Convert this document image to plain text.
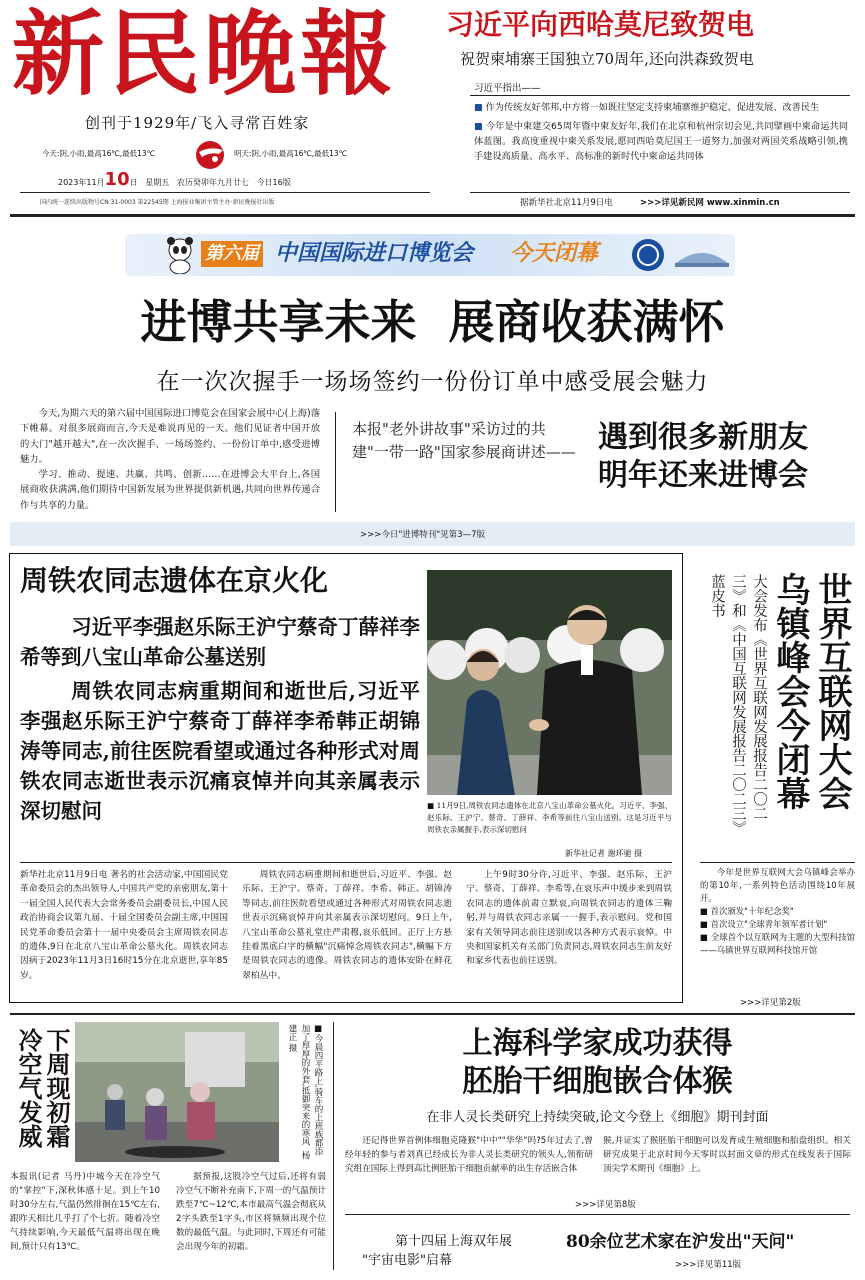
新民晚報
创刊于1929年/飞入寻常百姓家
今天:阴,小雨,最高16℃,最低13℃	明天:阴,小雨,最高16℃,最低13℃
2023年11月10日 星期五 农历癸卯年九月廿七 今日16版
国内统一连续出版物号CN 31-0003 第22545期 上海报业集团主管主办·新民晚报社出版
习近平向西哈莫尼致贺电
祝贺柬埔寨王国独立70周年,还向洪森致贺电
习近平指出——

■ 作为传统友好邻邦,中方将一如既往坚定支持柬埔寨维护稳定、促进发展、改善民生

■ 今年是中柬建交65周年暨中柬友好年,我们在北京和杭州宗切会见,共同擘画中柬命运共同体蓝图。我高度重视中柬关系发展,愿同西哈莫尼国王一道努力,加强对两国关系战略引领,携手建设高质量、高水平、高标准的新时代中柬命运共同体

据新华社北京11月9日电	>>>详见新民网 www.xinmin.cn
第六届 中国国际进口博览会 今天闭幕
进博共享未来  展商收获满怀
在一次次握手一场场签约一份份订单中感受展会魅力

今天,为期六天的第六届中国国际进口博览会在国家会展中心(上海)落下帷幕。对很多展商而言,今天是难说再见的一天。他们见证者中国开放的大门"越开越大",在一次次握手、一场场签约、一份份订单中,感受进博魅力。

学习、推动、提速、共赢、共鸣、创新……在进博会大平台上,各国展商收获满满,他们期待中国新发展为世界提供新机遇,共同向世界传递合作与共享的力量。

本报"老外讲故事"采访过的共建"一带一路"国家参展商讲述—— 遇到很多新朋友
明年还来进博会
>>>今日"进博特刊"见第3—7版
周铁农同志遗体在京火化
习近平李强赵乐际王沪宁蔡奇丁薛祥李希等到八宝山革命公墓送别
周铁农同志病重期间和逝世后,习近平李强赵乐际王沪宁蔡奇丁薛祥李希韩正胡锦涛等同志,前往医院看望或通过各种形式对周铁农同志逝世表示沉痛哀悼并向其亲属表示深切慰问	■ 11月9日,周铁农同志遗体在北京八宝山革命公墓火化。习近平、李强、赵乐际、王沪宁、蔡奇、丁薛祥、李希等前往八宝山送别。这是习近平与周铁农亲属握手,表示深切慰问
新华社记者 谢环驰 摄
新华社北京11月9日电 著名的社会活动家,中国国民党革命委员会的杰出领导人,中国共产党的亲密朋友,第十一届全国人民代表大会常务委员会副委员长,中国人民政治协商会议第九届、十届全国委员会副主席,中国国民党革命委员会第十一届中央委员会主席周铁农同志的遗体,9日在北京八宝山革命公墓火化。周铁农同志因病于2023年11月3日16时15分在北京逝世,享年85岁。
周铁农同志病重期间和逝世后,习近平、李强、赵乐际、王沪宁、蔡奇、丁薛祥、李希、韩正、胡锦涛等同志,前往医院看望或通过各种形式对周铁农同志逝世表示沉痛哀悼并向其亲属表示深切慰问。9日上午,八宝山革命公墓礼堂庄严肃穆,哀乐低回。正厅上方悬挂着黑底白字的横幅"沉痛悼念周铁农同志",横幅下方是周铁农同志的遗像。周铁农同志的遗体安卧在鲜花翠柏丛中。
上午9时30分许,习近平、李强、赵乐际、王沪宁、蔡奇、丁薛祥、李希等,在哀乐声中缓步来到周铁农同志的遗体前肃立默哀,向周铁农同志的遗体三鞠躬,并与周铁农同志亲属一一握手,表示慰问。党和国家有关领导同志前往送别或以各种方式表示哀悼。中央和国家机关有关部门负责同志,周铁农同志生前友好和家乡代表也前往送别。
世界互联网大会
乌镇峰会今闭幕
大会发布《世界互联网发展报告二〇二三》和《中国互联网发展报告二〇二三》蓝皮书

今年是世界互联网大会乌镇峰会举办的第10年,一系列特色活动围绕10年展开。

■ 首次颁发"十年纪念奖"

■ 首次设立"全球青年领军者计划"

■ 全球首个以互联网为主题的大型科技馆——乌镇世界互联网科技馆开馆

>>>详见第2版
冷空气发威 下周现初霜	■今晨四平路上,骑车的上班族都添加了厚厚的外套,抵御突来的寒风  杨建正 摄
本报讯(记者 马丹)中城今天在冷空气的"掌控"下,深秋体感十足。到上午10时30分左右,气温仍然徘徊在15℃左右,跟昨天相比几乎打了个七折。随着冷空气持续影响,今天最低气温将出现在晚间,预计只有13℃。
据预报,这股冷空气过后,还将有弱冷空气不断补充南下,下周一的气温预计跌至7℃~12℃,本市最高气温会彻底从2字头跌至1字头,市区将频频出现个位数的最低气温。与此同时,下周还有可能会出现今年的初霜。
上海科学家成功获得
胚胎干细胞嵌合体猴
在非人灵长类研究上持续突破,论文今登上《细胞》期刊封面
还记得世界首例体细胞克隆猴"中中""华华"吗?5年过去了,曾经年轻的参与者刘真已经成长为非人灵长类研究的领头人,领衔研究组在国际上得到高比例胚胎干细胞贡献率的出生存活嵌合体
猴,并证实了猴胚胎干细胞可以发育成生殖细胞和胎盘组织。相关研究成果于北京时间今天零时以封面文章的形式在线发表于国际顶尖学术期刊《细胞》上。
>>>详见第8版
第十四届上海双年展
"宇宙电影"启幕
80余位艺术家在沪发出"天问"
>>>详见第11版
